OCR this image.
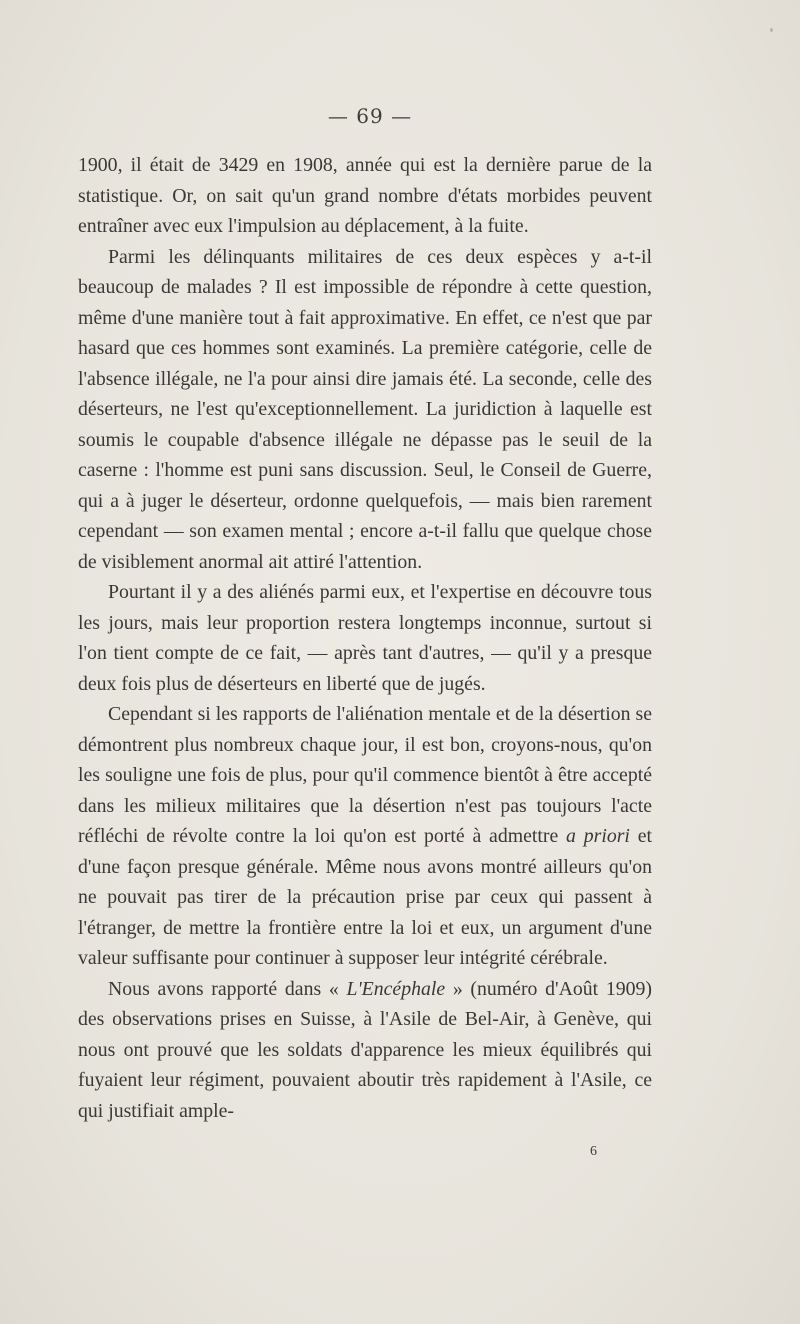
— 69 —

1900, il était de 3429 en 1908, année qui est la dernière parue de la statistique. Or, on sait qu'un grand nombre d'états morbides peuvent entraîner avec eux l'impulsion au déplacement, à la fuite.

Parmi les délinquants militaires de ces deux espèces y a-t-il beaucoup de malades ? Il est impossible de répondre à cette question, même d'une manière tout à fait approximative. En effet, ce n'est que par hasard que ces hommes sont examinés. La première catégorie, celle de l'absence illégale, ne l'a pour ainsi dire jamais été. La seconde, celle des déserteurs, ne l'est qu'exceptionnellement. La juridiction à laquelle est soumis le coupable d'absence illégale ne dépasse pas le seuil de la caserne : l'homme est puni sans discussion. Seul, le Conseil de Guerre, qui a à juger le déserteur, ordonne quelquefois, — mais bien rarement cependant — son examen mental ; encore a-t-il fallu que quelque chose de visiblement anormal ait attiré l'attention.

Pourtant il y a des aliénés parmi eux, et l'expertise en découvre tous les jours, mais leur proportion restera longtemps inconnue, surtout si l'on tient compte de ce fait, — après tant d'autres, — qu'il y a presque deux fois plus de déserteurs en liberté que de jugés.

Cependant si les rapports de l'aliénation mentale et de la désertion se démontrent plus nombreux chaque jour, il est bon, croyons-nous, qu'on les souligne une fois de plus, pour qu'il commence bientôt à être accepté dans les milieux militaires que la désertion n'est pas toujours l'acte réfléchi de révolte contre la loi qu'on est porté à admettre a priori et d'une façon presque générale. Même nous avons montré ailleurs qu'on ne pouvait pas tirer de la précaution prise par ceux qui passent à l'étranger, de mettre la frontière entre la loi et eux, un argument d'une valeur suffisante pour continuer à supposer leur intégrité cérébrale.

Nous avons rapporté dans « L'Encéphale » (numéro d'Août 1909) des observations prises en Suisse, à l'Asile de Bel-Air, à Genève, qui nous ont prouvé que les soldats d'apparence les mieux équilibrés qui fuyaient leur régiment, pouvaient aboutir très rapidement à l'Asile, ce qui justifiait ample-

6
